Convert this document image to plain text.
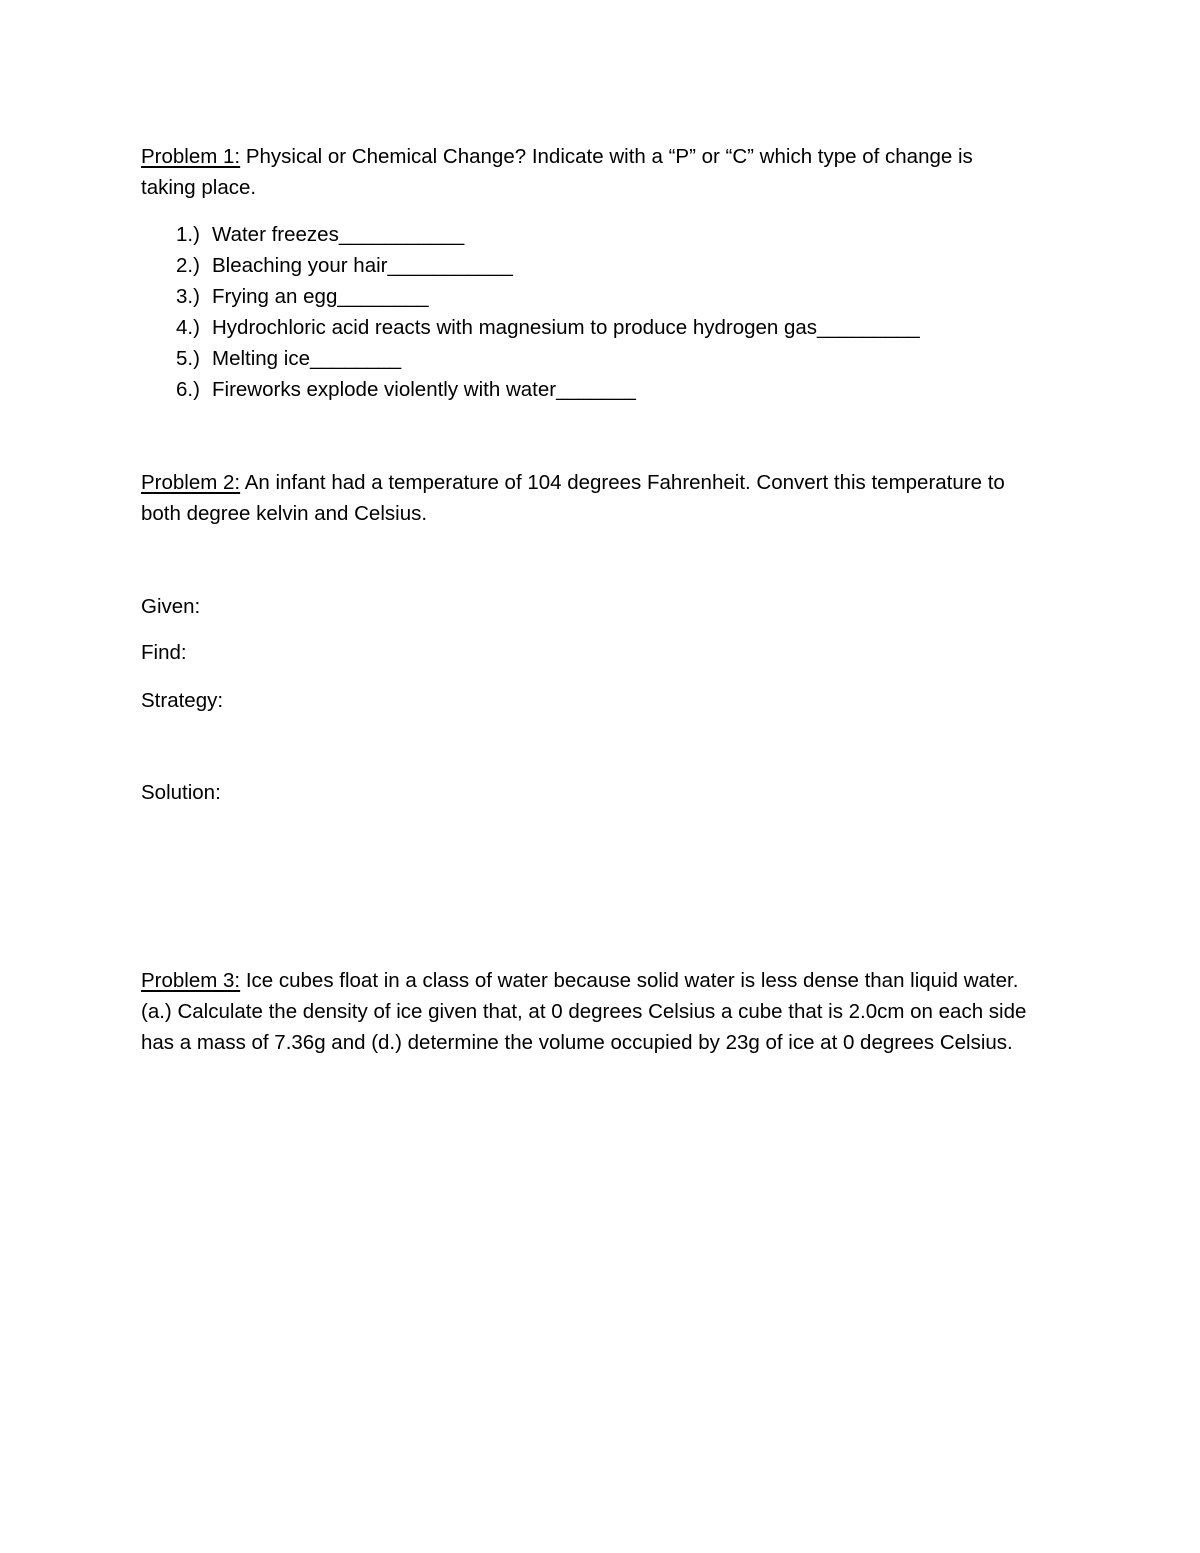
Problem 1: Physical or Chemical Change? Indicate with a “P” or “C” which type of change is
taking place.
1.) Water freezes___________
2.) Bleaching your hair___________
3.) Frying an egg________
4.) Hydrochloric acid reacts with magnesium to produce hydrogen gas_________
5.) Melting ice________
6.) Fireworks explode violently with water_______
Problem 2: An infant had a temperature of 104 degrees Fahrenheit. Convert this temperature to
both degree kelvin and Celsius.
Given:
Find:
Strategy:
Solution:
Problem 3: Ice cubes float in a class of water because solid water is less dense than liquid water.
(a.) Calculate the density of ice given that, at 0 degrees Celsius a cube that is 2.0cm on each side
has a mass of 7.36g and (d.) determine the volume occupied by 23g of ice at 0 degrees Celsius.
